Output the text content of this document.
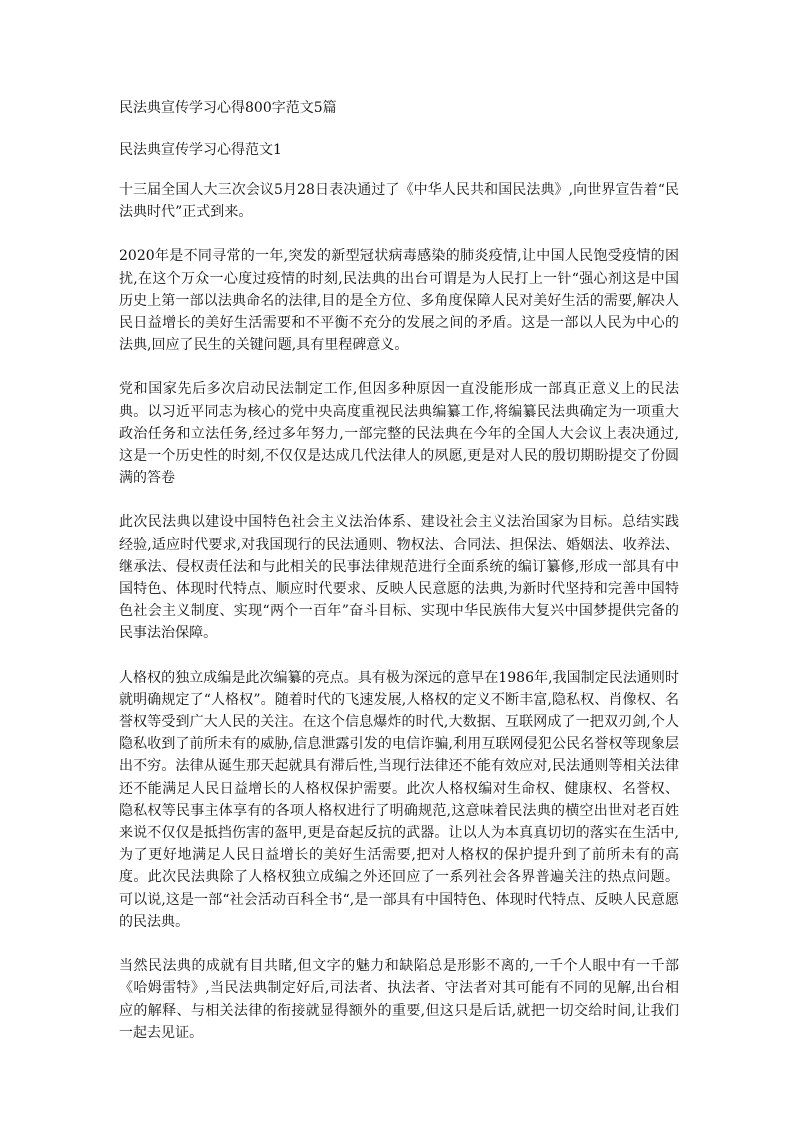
民法典宣传学习心得800字范文5篇
民法典宣传学习心得范文1

十三届全国人大三次会议5月28日表决通过了《中华人民共和国民法典》,向世界宣告着“民法典时代”正式到来。

2020年是不同寻常的一年,突发的新型冠状病毒感染的肺炎疫情,让中国人民饱受疫情的困扰,在这个万众一心度过疫情的时刻,民法典的出台可谓是为人民打上一针“强心剂这是中国历史上第一部以法典命名的法律,目的是全方位、多角度保障人民对美好生活的需要,解决人民日益增长的美好生活需要和不平衡不充分的发展之间的矛盾。这是一部以人民为中心的法典,回应了民生的关键问题,具有里程碑意义。

党和国家先后多次启动民法制定工作,但因多种原因一直没能形成一部真正意义上的民法典。以习近平同志为核心的党中央高度重视民法典编纂工作,将编纂民法典确定为一项重大政治任务和立法任务,经过多年努力,一部完整的民法典在今年的全国人大会议上表决通过,这是一个历史性的时刻,不仅仅是达成几代法律人的夙愿,更是对人民的殷切期盼提交了份圆满的答卷

此次民法典以建设中国特色社会主义法治体系、建设社会主义法治国家为目标。总结实践经验,适应时代要求,对我国现行的民法通则、物权法、合同法、担保法、婚姻法、收养法、继承法、侵权责任法和与此相关的民事法律规范进行全面系统的编订纂修,形成一部具有中国特色、体现时代特点、顺应时代要求、反映人民意愿的法典,为新时代坚持和完善中国特色社会主义制度、实现“两个一百年”奋斗目标、实现中华民族伟大复兴中国梦提供完备的民事法治保障。

人格权的独立成编是此次编纂的亮点。具有极为深远的意早在1986年,我国制定民法通则时就明确规定了“人格权”。随着时代的飞速发展,人格权的定义不断丰富,隐私权、肖像权、名誉权等受到广大人民的关注。在这个信息爆炸的时代,大数据、互联网成了一把双刃剑,个人隐私收到了前所未有的威胁,信息泄露引发的电信诈骗,利用互联网侵犯公民名誉权等现象层出不穷。法律从诞生那天起就具有滞后性,当现行法律还不能有效应对,民法通则等相关法律还不能满足人民日益增长的人格权保护需要。此次人格权编对生命权、健康权、名誉权、隐私权等民事主体享有的各项人格权进行了明确规范,这意味着民法典的横空出世对老百姓来说不仅仅是抵挡伤害的盔甲,更是奋起反抗的武器。让以人为本真真切切的落实在生活中,为了更好地满足人民日益增长的美好生活需要,把对人格权的保护提升到了前所未有的高度。此次民法典除了人格权独立成编之外还回应了一系列社会各界普遍关注的热点问题。可以说,这是一部“社会活动百科全书“,是一部具有中国特色、体现时代特点、反映人民意愿的民法典。

当然民法典的成就有目共睹,但文字的魅力和缺陷总是形影不离的,一千个人眼中有一千部《哈姆雷特》,当民法典制定好后,司法者、执法者、守法者对其可能有不同的见解,出台相应的解释、与相关法律的衔接就显得额外的重要,但这只是后话,就把一切交给时间,让我们一起去见证。
